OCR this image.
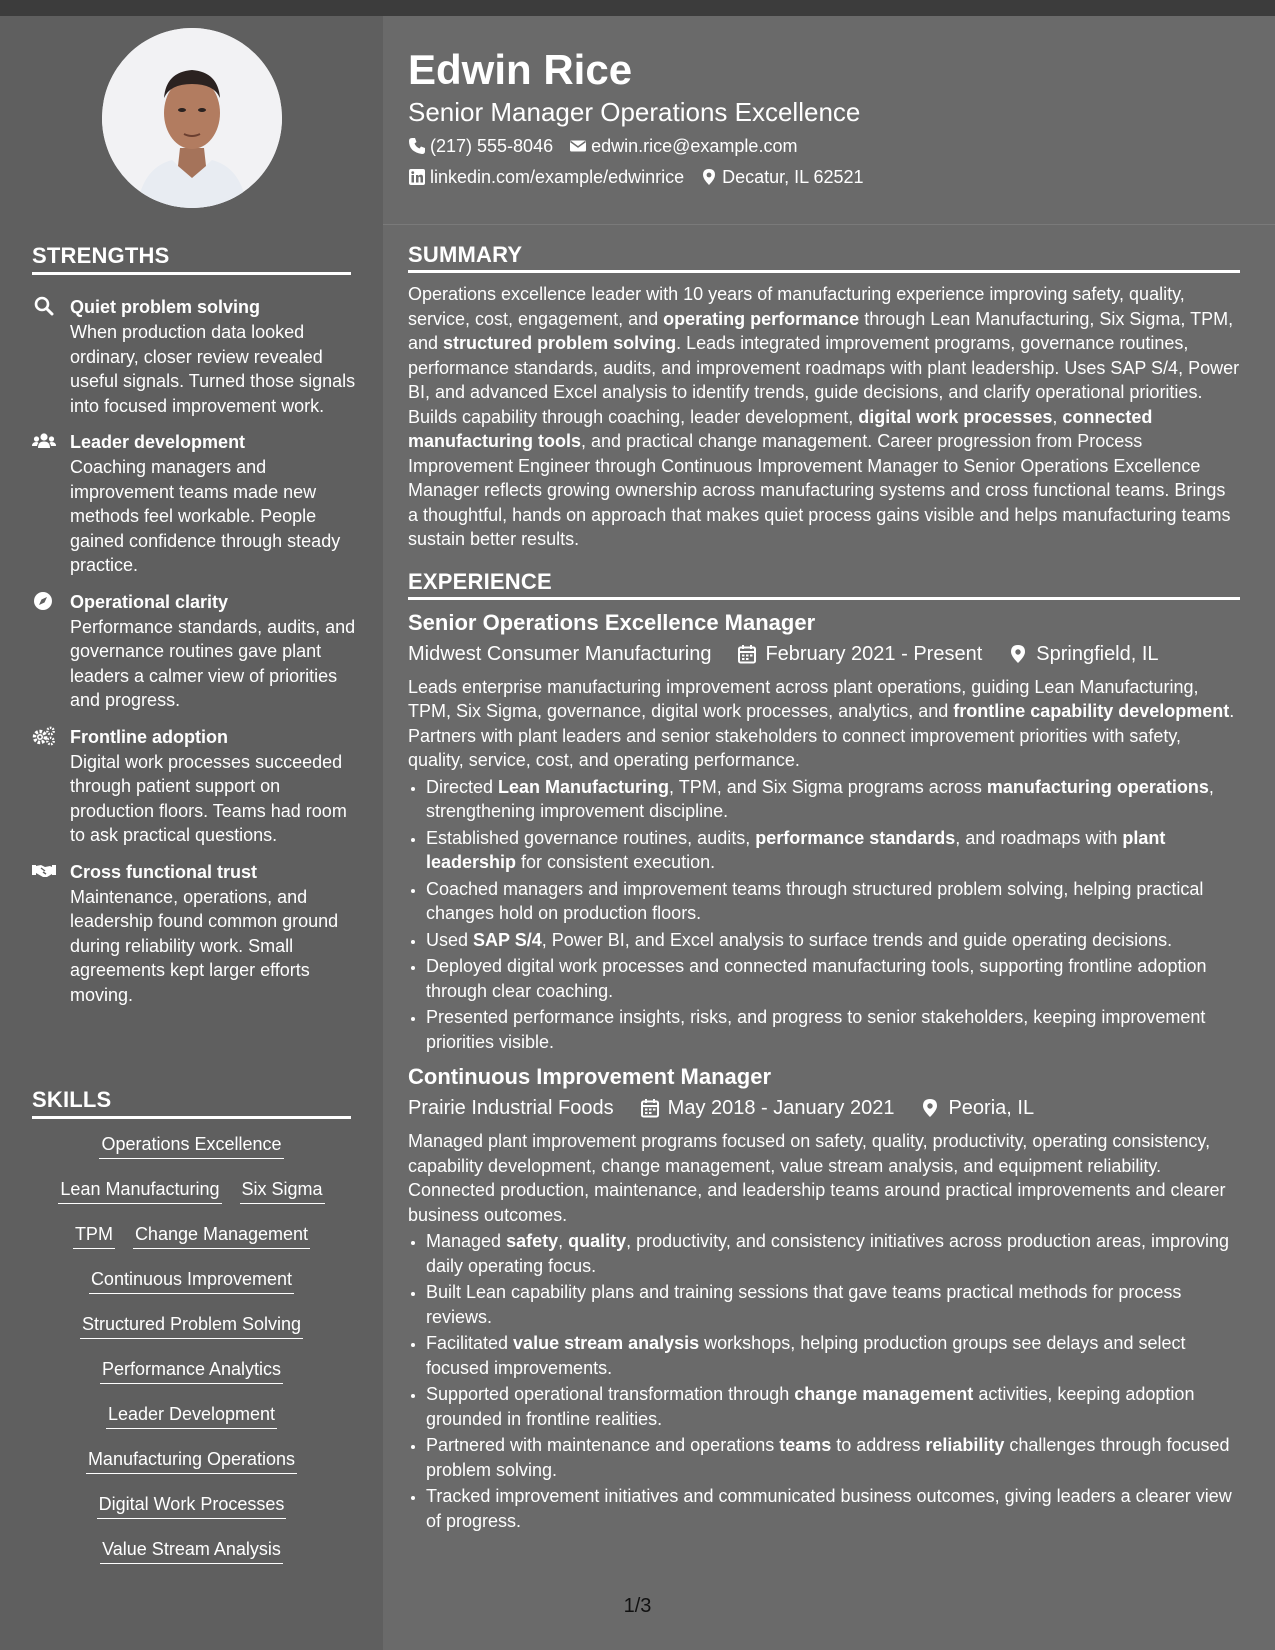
STRENGTHS
Quiet problem solving
When production data looked ordinary, closer review revealed useful signals. Turned those signals into focused improvement work.
Leader development
Coaching managers and improvement teams made new methods feel workable. People gained confidence through steady practice.
Operational clarity
Performance standards, audits, and governance routines gave plant leaders a calmer view of priorities and progress.
Frontline adoption
Digital work processes succeeded through patient support on production floors. Teams had room to ask practical questions.
Cross functional trust
Maintenance, operations, and leadership found common ground during reliability work. Small agreements kept larger efforts moving.
SKILLS
Operations Excellence
Lean Manufacturing Six Sigma
TPM Change Management
Continuous Improvement
Structured Problem Solving
Performance Analytics
Leader Development
Manufacturing Operations
Digital Work Processes
Value Stream Analysis
Edwin Rice
Senior Manager Operations Excellence
(217) 555-8046 edwin.rice@example.com
linkedin.com/example/edwinrice Decatur, IL 62521
SUMMARY
Operations excellence leader with 10 years of manufacturing experience improving safety, quality, service, cost, engagement, and operating performance through Lean Manufacturing, Six Sigma, TPM, and structured problem solving. Leads integrated improvement programs, governance routines, performance standards, audits, and improvement roadmaps with plant leadership. Uses SAP S/4, Power BI, and advanced Excel analysis to identify trends, guide decisions, and clarify operational priorities. Builds capability through coaching, leader development, digital work processes, connected manufacturing tools, and practical change management. Career progression from Process Improvement Engineer through Continuous Improvement Manager to Senior Operations Excellence Manager reflects growing ownership across manufacturing systems and cross functional teams. Brings a thoughtful, hands on approach that makes quiet process gains visible and helps manufacturing teams sustain better results.
EXPERIENCE
Senior Operations Excellence Manager
Midwest Consumer Manufacturing	February 2021 - Present	Springfield, IL
Leads enterprise manufacturing improvement across plant operations, guiding Lean Manufacturing, TPM, Six Sigma, governance, digital work processes, analytics, and frontline capability development. Partners with plant leaders and senior stakeholders to connect improvement priorities with safety, quality, service, cost, and operating performance.
• Directed Lean Manufacturing, TPM, and Six Sigma programs across manufacturing operations, strengthening improvement discipline.
• Established governance routines, audits, performance standards, and roadmaps with plant leadership for consistent execution.
• Coached managers and improvement teams through structured problem solving, helping practical changes hold on production floors.
• Used SAP S/4, Power BI, and Excel analysis to surface trends and guide operating decisions.
• Deployed digital work processes and connected manufacturing tools, supporting frontline adoption through clear coaching.
• Presented performance insights, risks, and progress to senior stakeholders, keeping improvement priorities visible.
Continuous Improvement Manager
Prairie Industrial Foods	May 2018 - January 2021	Peoria, IL
Managed plant improvement programs focused on safety, quality, productivity, operating consistency, capability development, change management, value stream analysis, and equipment reliability. Connected production, maintenance, and leadership teams around practical improvements and clearer business outcomes.
• Managed safety, quality, productivity, and consistency initiatives across production areas, improving daily operating focus.
• Built Lean capability plans and training sessions that gave teams practical methods for process reviews.
• Facilitated value stream analysis workshops, helping production groups see delays and select focused improvements.
• Supported operational transformation through change management activities, keeping adoption grounded in frontline realities.
• Partnered with maintenance and operations teams to address reliability challenges through focused problem solving.
• Tracked improvement initiatives and communicated business outcomes, giving leaders a clearer view of progress.
1/3
